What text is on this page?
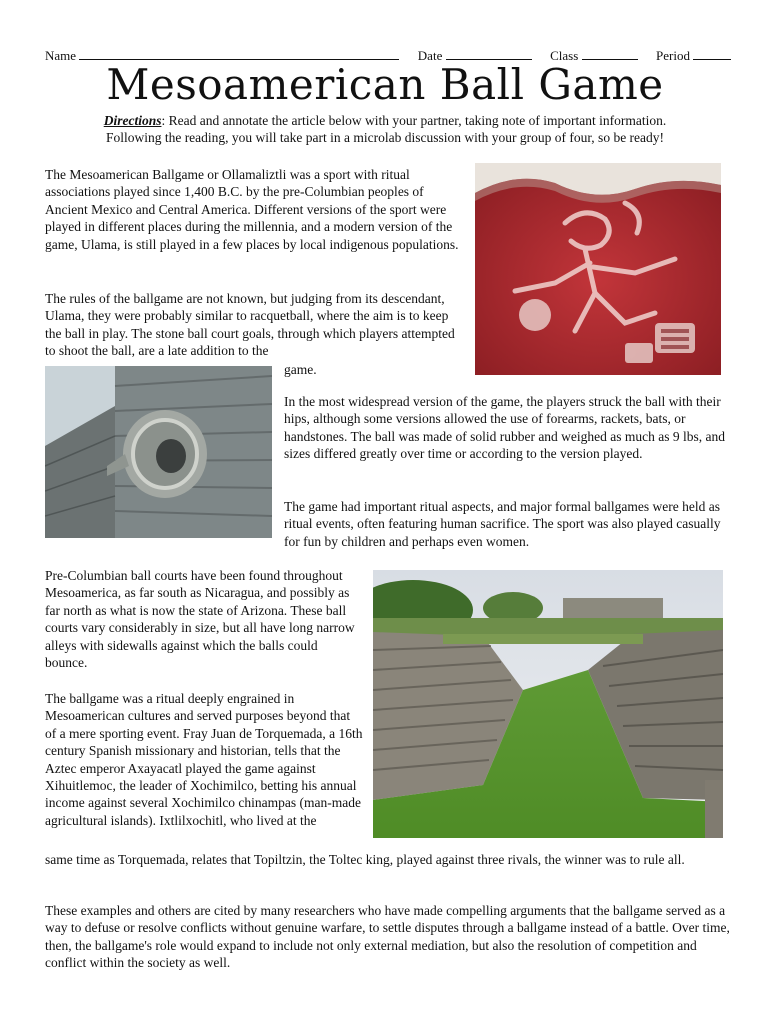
Name	Date	Class	Period
Mesoamerican Ball Game
Directions: Read and annotate the article below with your partner, taking note of important information.
Following the reading, you will take part in a microlab discussion with your group of four, so be ready!

The Mesoamerican Ballgame or Ollamaliztli was a sport with ritual associations played since 1,400 B.C. by the pre-Columbian peoples of Ancient Mexico and Central America. Different versions of the sport were played in different places during the millennia, and a modern version of the game, Ulama, is still played in a few places by local indigenous populations.

The rules of the ballgame are not known, but judging from its descendant, Ulama, they were probably similar to racquetball, where the aim is to keep the ball in play. The stone ball court goals, through which players attempted to shoot the ball, are a late addition to the

game.

In the most widespread version of the game, the players struck the ball with their hips, although some versions allowed the use of forearms, rackets, bats, or handstones. The ball was made of solid rubber and weighed as much as 9 lbs, and sizes differed greatly over time or according to the version played.

The game had important ritual aspects, and major formal ballgames were held as ritual events, often featuring human sacrifice. The sport was also played casually for fun by children and perhaps even women.

Pre-Columbian ball courts have been found throughout Mesoamerica, as far south as Nicaragua, and possibly as far north as what is now the state of Arizona. These ball courts vary considerably in size, but all have long narrow alleys with sidewalls against which the balls could bounce.

The ballgame was a ritual deeply engrained in Mesoamerican cultures and served purposes beyond that of a mere sporting event. Fray Juan de Torquemada, a 16th century Spanish missionary and historian, tells that the Aztec emperor Axayacatl played the game against Xihuitlemoc, the leader of Xochimilco, betting his annual income against several Xochimilco chinampas (man-made agricultural islands). Ixtlilxochitl, who lived at the

same time as Torquemada, relates that Topiltzin, the Toltec king, played against three rivals, the winner was to rule all.

These examples and others are cited by many researchers who have made compelling arguments that the ballgame served as a way to defuse or resolve conflicts without genuine warfare, to settle disputes through a ballgame instead of a battle. Over time, then, the ballgame's role would expand to include not only external mediation, but also the resolution of competition and conflict within the society as well.
